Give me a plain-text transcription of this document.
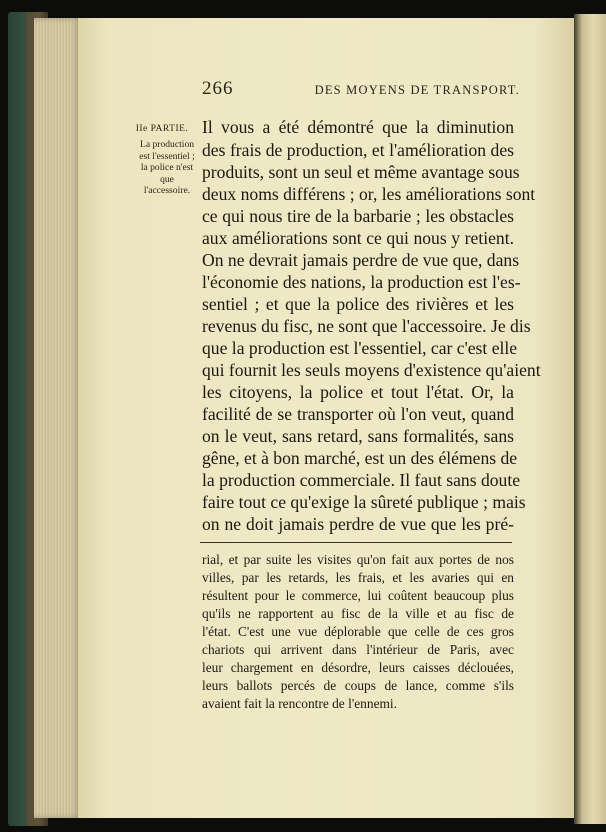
266	DES MOYENS DE TRANSPORT.
IIe PARTIE.
La production
est l'essentiel ;
la police n'est
que
l'accessoire.
Il vous a été démontré que la diminution
des frais de production, et l'amélioration des
produits, sont un seul et même avantage sous
deux noms différens ; or, les améliorations sont
ce qui nous tire de la barbarie ; les obstacles
aux améliorations sont ce qui nous y retient.
On ne devrait jamais perdre de vue que, dans
l'économie des nations, la production est l'es-
sentiel ; et que la police des rivières et les
revenus du fisc, ne sont que l'accessoire. Je dis
que la production est l'essentiel, car c'est elle
qui fournit les seuls moyens d'existence qu'aient
les citoyens, la police et tout l'état. Or, la
facilité de se transporter où l'on veut, quand
on le veut, sans retard, sans formalités, sans
gêne, et à bon marché, est un des élémens de
la production commerciale. Il faut sans doute
faire tout ce qu'exige la sûreté publique ; mais
on ne doit jamais perdre de vue que les pré-
rial, et par suite les visites qu'on fait aux portes de nos
villes, par les retards, les frais, et les avaries qui en
résultent pour le commerce, lui coûtent beaucoup plus
qu'ils ne rapportent au fisc de la ville et au fisc de
l'état. C'est une vue déplorable que celle de ces gros
chariots qui arrivent dans l'intérieur de Paris, avec
leur chargement en désordre, leurs caisses déclouées,
leurs ballots percés de coups de lance, comme s'ils
avaient fait la rencontre de l'ennemi.
